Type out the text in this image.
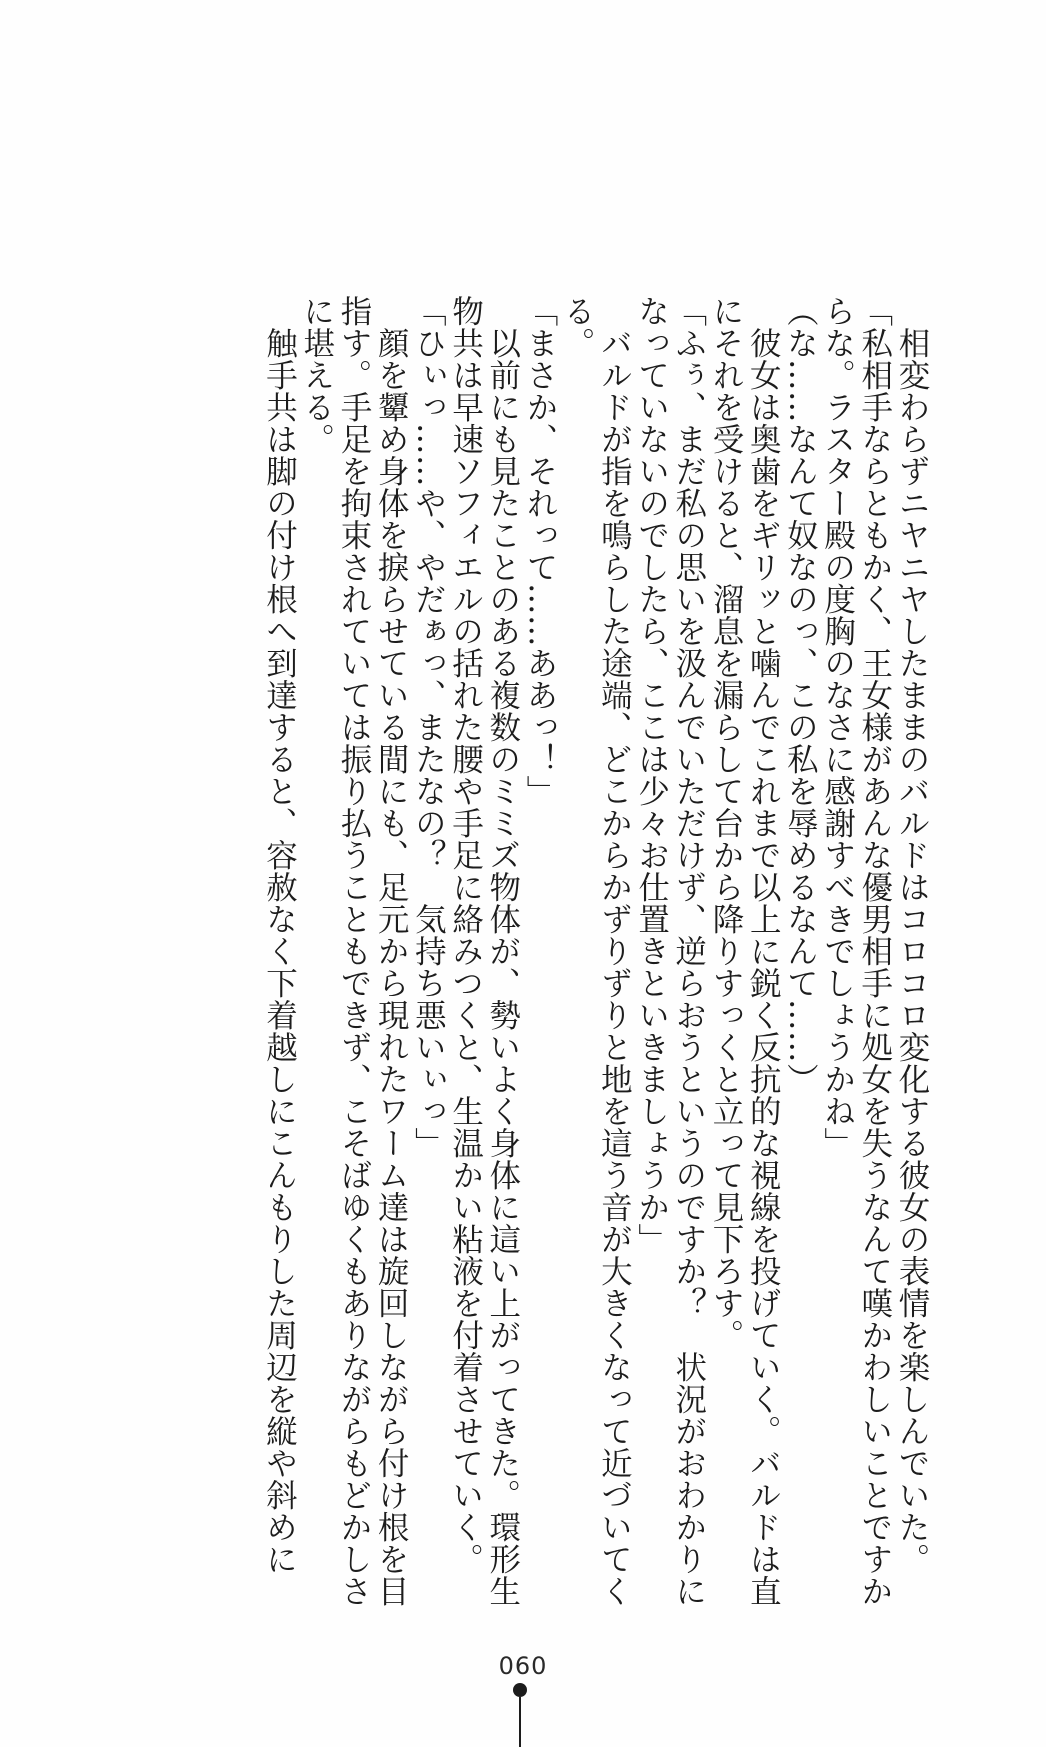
相変わらずニヤニヤしたままのバルドはコロコロ変化する彼女の表情を楽しんでいた。

「私相手ならともかく、王女様があんな優男相手に処女を失うなんて嘆かわしいことですからな。ラスター殿の度胸のなさに感謝すべきでしょうかね」

（な……なんて奴なのっ、この私を辱めるなんて……）

彼女は奥歯をギリッと噛んでこれまで以上に鋭く反抗的な視線を投げていく。バルドは直にそれを受けると、溜息を漏らして台から降りすっくと立って見下ろす。

「ふぅ、まだ私の思いを汲んでいただけず、逆らおうというのですか？　状況がおわかりになっていないのでしたら、ここは少々お仕置きといきましょうか」

バルドが指を鳴らした途端、どこからかずりずりと地を這う音が大きくなって近づいてくる。

「まさか、それって……ああっ！」

以前にも見たことのある複数のミミズ物体が、勢いよく身体に這い上がってきた。環形生物共は早速ソフィエルの括れた腰や手足に絡みつくと、生温かい粘液を付着させていく。

「ひぃっ……や、やだぁっ、またなの？　気持ち悪いぃっ」

顔を顰め身体を捩らせている間にも、足元から現れたワーム達は旋回しながら付け根を目指す。手足を拘束されていては振り払うこともできず、こそばゆくもありながらもどかしさに堪える。

触手共は脚の付け根へ到達すると、容赦なく下着越しにこんもりした周辺を縦や斜めに

060
